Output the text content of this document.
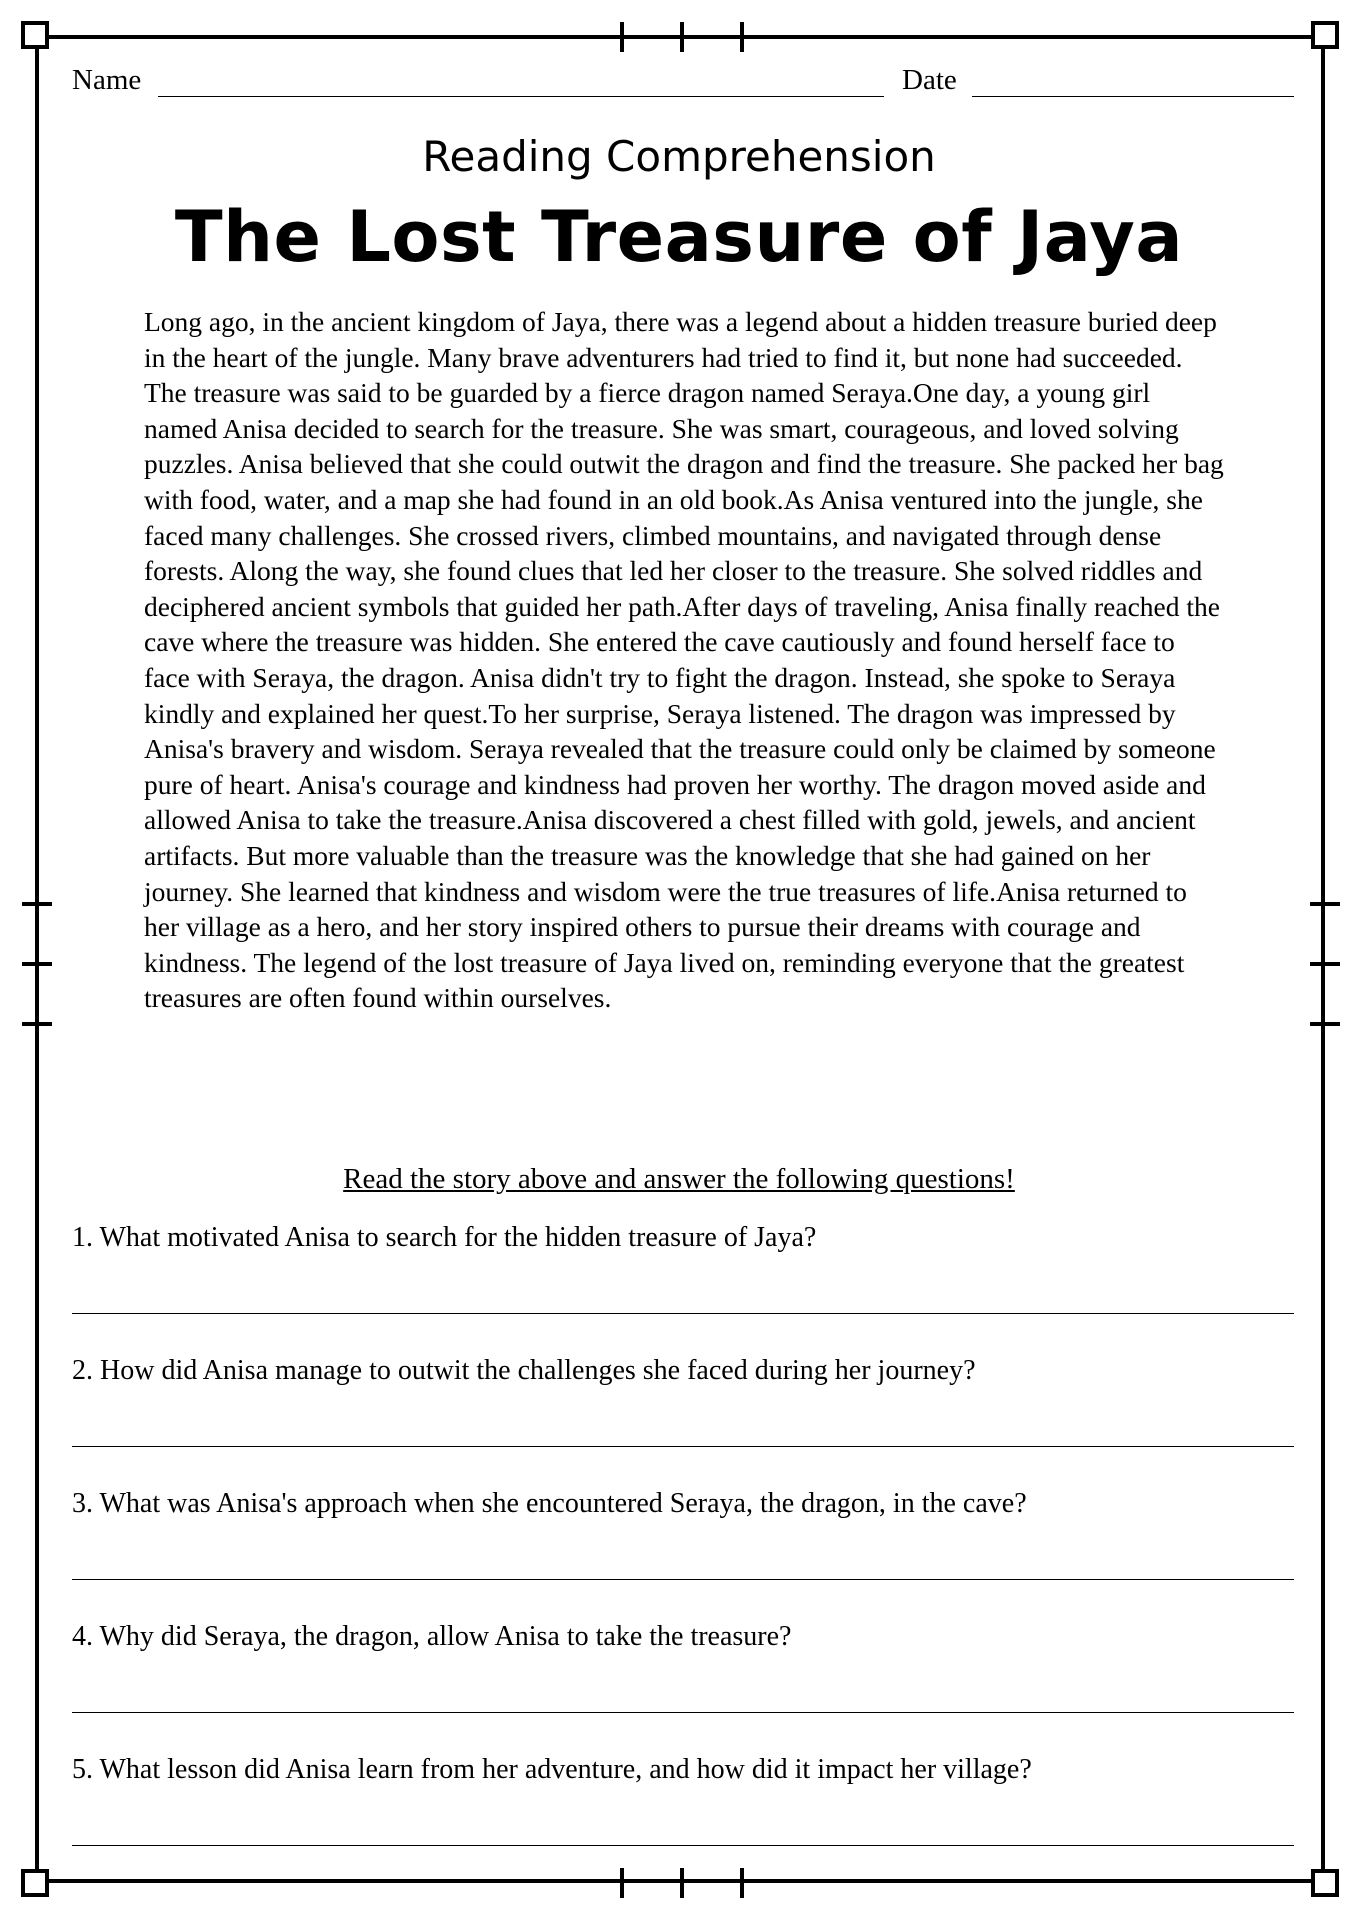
Name	Date
Reading Comprehension
The Lost Treasure of Jaya

Long ago, in the ancient kingdom of Jaya, there was a legend about a hidden treasure buried deep in the heart of the jungle. Many brave adventurers had tried to find it, but none had succeeded. The treasure was said to be guarded by a fierce dragon named Seraya.One day, a young girl named Anisa decided to search for the treasure. She was smart, courageous, and loved solving puzzles. Anisa believed that she could outwit the dragon and find the treasure. She packed her bag with food, water, and a map she had found in an old book.As Anisa ventured into the jungle, she faced many challenges. She crossed rivers, climbed mountains, and navigated through dense forests. Along the way, she found clues that led her closer to the treasure. She solved riddles and deciphered ancient symbols that guided her path.After days of traveling, Anisa finally reached the cave where the treasure was hidden. She entered the cave cautiously and found herself face to face with Seraya, the dragon. Anisa didn't try to fight the dragon. Instead, she spoke to Seraya kindly and explained her quest.To her surprise, Seraya listened. The dragon was impressed by Anisa's bravery and wisdom. Seraya revealed that the treasure could only be claimed by someone pure of heart. Anisa's courage and kindness had proven her worthy. The dragon moved aside and allowed Anisa to take the treasure.Anisa discovered a chest filled with gold, jewels, and ancient artifacts. But more valuable than the treasure was the knowledge that she had gained on her journey. She learned that kindness and wisdom were the true treasures of life.Anisa returned to her village as a hero, and her story inspired others to pursue their dreams with courage and kindness. The legend of the lost treasure of Jaya lived on, reminding everyone that the greatest treasures are often found within ourselves.

Read the story above and answer the following questions!
1. What motivated Anisa to search for the hidden treasure of Jaya?
2. How did Anisa manage to outwit the challenges she faced during her journey?
3. What was Anisa's approach when she encountered Seraya, the dragon, in the cave?
4. Why did Seraya, the dragon, allow Anisa to take the treasure?
5. What lesson did Anisa learn from her adventure, and how did it impact her village?
